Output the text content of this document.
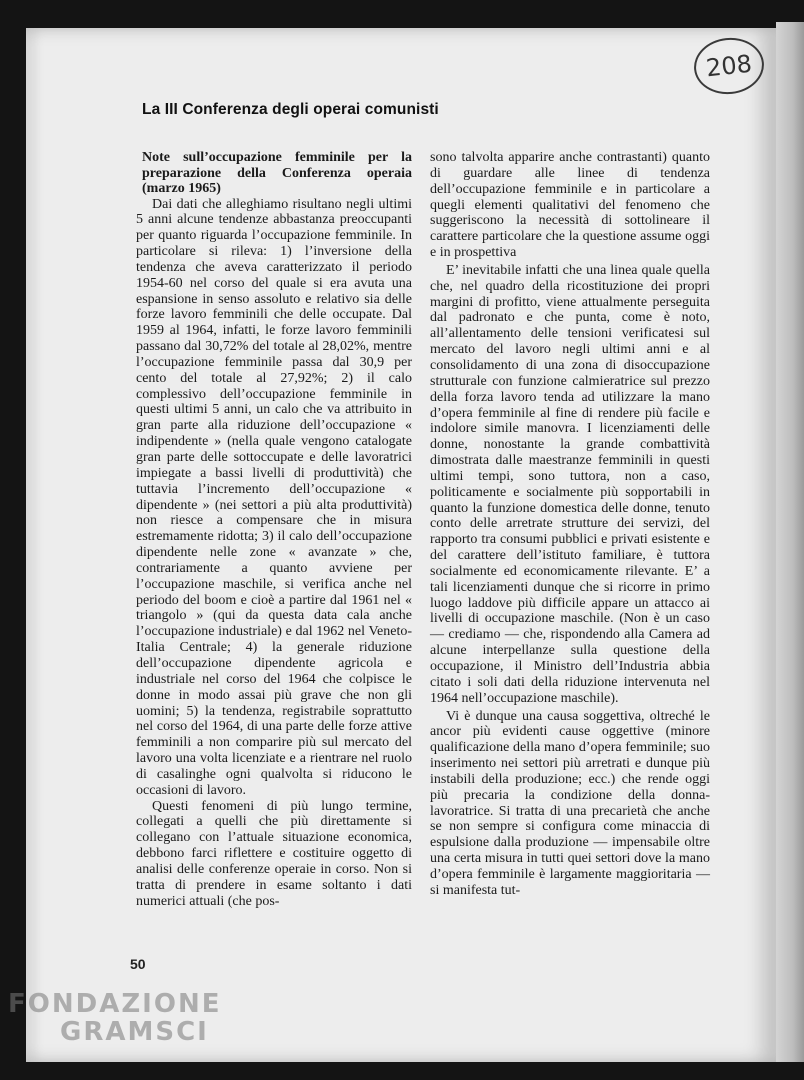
208
La III Conferenza degli operai comunisti

Note sull’occupazione femminile per la preparazione della Conferenza operaia (marzo 1965)

Dai dati che alleghiamo risultano negli ultimi 5 anni alcune tendenze abbastanza preoccupanti per quanto riguarda l’occupazione femminile. In particolare si rileva: 1) l’inversione della tendenza che aveva caratterizzato il periodo 1954-60 nel corso del quale si era avuta una espansione in senso assoluto e relativo sia delle forze lavoro femminili che delle occupate. Dal 1959 al 1964, infatti, le forze lavoro femminili passano dal 30,72% del totale al 28,02%, mentre l’occupazione femminile passa dal 30,9 per cento del totale al 27,92%; 2) il calo complessivo dell’occupazione femminile in questi ultimi 5 anni, un calo che va attribuito in gran parte alla riduzione dell’occupazione « indipendente » (nella quale vengono catalogate gran parte delle sottoccupate e delle lavoratrici impiegate a bassi livelli di produttività) che tuttavia l’incremento dell’occupazione « dipendente » (nei settori a più alta produttività) non riesce a compensare che in misura estremamente ridotta; 3) il calo dell’occupazione dipendente nelle zone « avanzate » che, contrariamente a quanto avviene per l’occupazione maschile, si verifica anche nel periodo del boom e cioè a partire dal 1961 nel « triangolo » (qui da questa data cala anche l’occupazione industriale) e dal 1962 nel Veneto-Italia Centrale; 4) la generale riduzione dell’occupazione dipendente agricola e industriale nel corso del 1964 che colpisce le donne in modo assai più grave che non gli uomini; 5) la tendenza, registrabile soprattutto nel corso del 1964, di una parte delle forze attive femminili a non comparire più sul mercato del lavoro una volta licenziate e a rientrare nel ruolo di casalinghe ogni qualvolta si riducono le occasioni di lavoro.

Questi fenomeni di più lungo termine, collegati a quelli che più direttamente si collegano con l’attuale situazione economica, debbono farci riflettere e costituire oggetto di analisi delle conferenze operaie in corso. Non si tratta di prendere in esame soltanto i dati numerici attuali (che pos-

sono talvolta apparire anche contrastanti) quanto di guardare alle linee di tendenza dell’occupazione femminile e in particolare a quegli elementi qualitativi del fenomeno che suggeriscono la necessità di sottolineare il carattere particolare che la questione assume oggi e in prospettiva

E’ inevitabile infatti che una linea quale quella che, nel quadro della ricostituzione dei propri margini di profitto, viene attualmente perseguita dal padronato e che punta, come è noto, all’allentamento delle tensioni verificatesi sul mercato del lavoro negli ultimi anni e al consolidamento di una zona di disoccupazione strutturale con funzione calmieratrice sul prezzo della forza lavoro tenda ad utilizzare la mano d’opera femminile al fine di rendere più facile e indolore simile manovra. I licenziamenti delle donne, nonostante la grande combattività dimostrata dalle maestranze femminili in questi ultimi tempi, sono tuttora, non a caso, politicamente e socialmente più sopportabili in quanto la funzione domestica delle donne, tenuto conto delle arretrate strutture dei servizi, del rapporto tra consumi pubblici e privati esistente e del carattere dell’istituto familiare, è tuttora socialmente ed economicamente rilevante. E’ a tali licenziamenti dunque che si ricorre in primo luogo laddove più difficile appare un attacco ai livelli di occupazione maschile. (Non è un caso — crediamo — che, rispondendo alla Camera ad alcune interpellanze sulla questione della occupazione, il Ministro dell’Industria abbia citato i soli dati della riduzione intervenuta nel 1964 nell’occupazione maschile).

Vi è dunque una causa soggettiva, oltreché le ancor più evidenti cause oggettive (minore qualificazione della mano d’opera femminile; suo inserimento nei settori più arretrati e dunque più instabili della produzione; ecc.) che rende oggi più precaria la condizione della donna-lavoratrice. Si tratta di una precarietà che anche se non sempre si configura come minaccia di espulsione dalla produzione — impensabile oltre una certa misura in tutti quei settori dove la mano d’opera femminile è largamente maggioritaria — si manifesta tut-

50
FONDAZIONE
GRAMSCI
